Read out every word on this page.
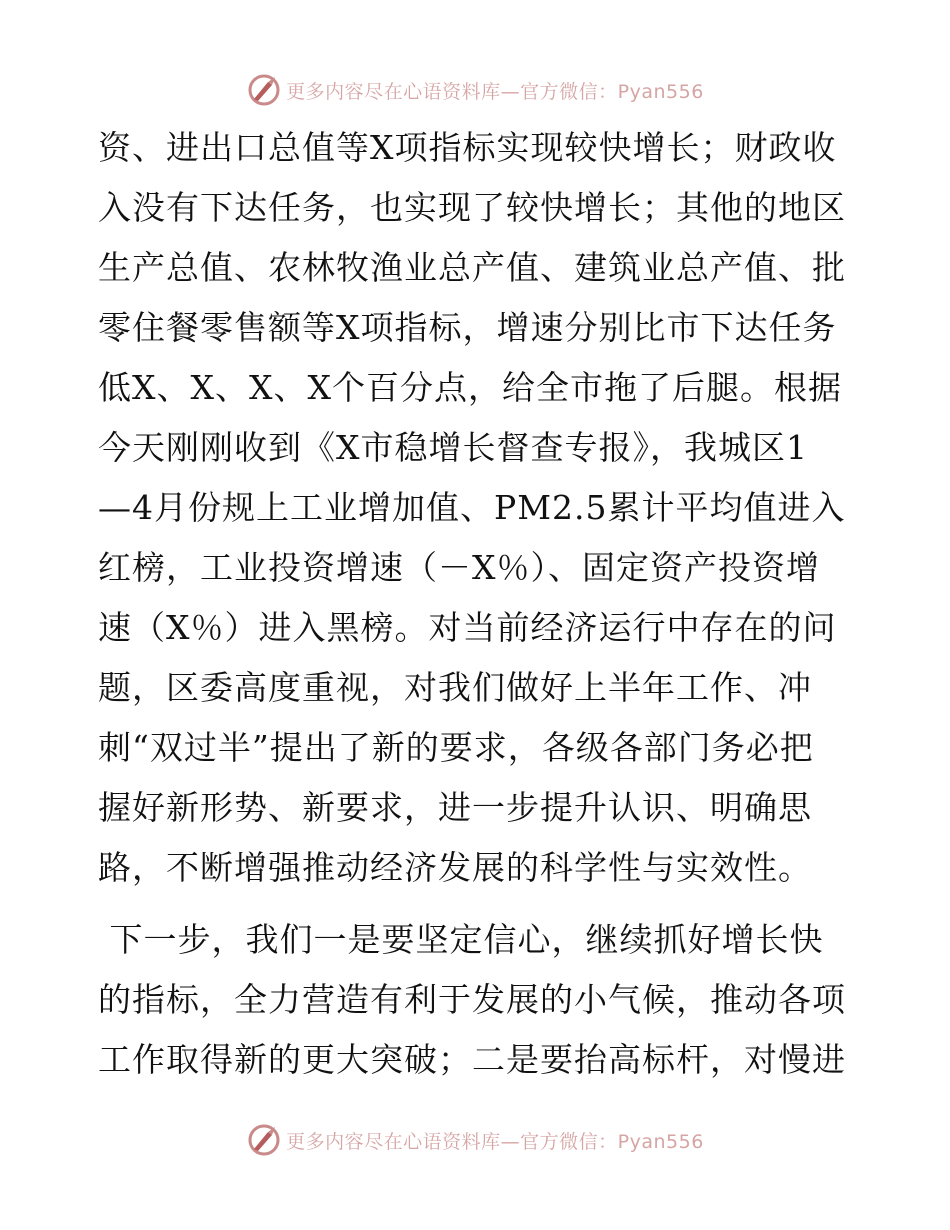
更多内容尽在心语资料库—官方微信：Pyan556
资、进出口总值等X项指标实现较快增长；财政收
入没有下达任务，也实现了较快增长；其他的地区
生产总值、农林牧渔业总产值、建筑业总产值、批
零住餐零售额等X项指标，增速分别比市下达任务
低X、X、X、X个百分点，给全市拖了后腿。根据
今天刚刚收到《X市稳增长督查专报》，我城区1
—4月份规上工业增加值、PM2.5累计平均值进入
红榜，工业投资增速（－X％）、固定资产投资增
速（X％）进入黑榜。对当前经济运行中存在的问
题，区委高度重视，对我们做好上半年工作、冲
刺“双过半”提出了新的要求，各级各部门务必把
握好新形势、新要求，进一步提升认识、明确思
路，不断增强推动经济发展的科学性与实效性。
下一步，我们一是要坚定信心，继续抓好增长快
的指标，全力营造有利于发展的小气候，推动各项
工作取得新的更大突破；二是要抬高标杆，对慢进
更多内容尽在心语资料库—官方微信：Pyan556
